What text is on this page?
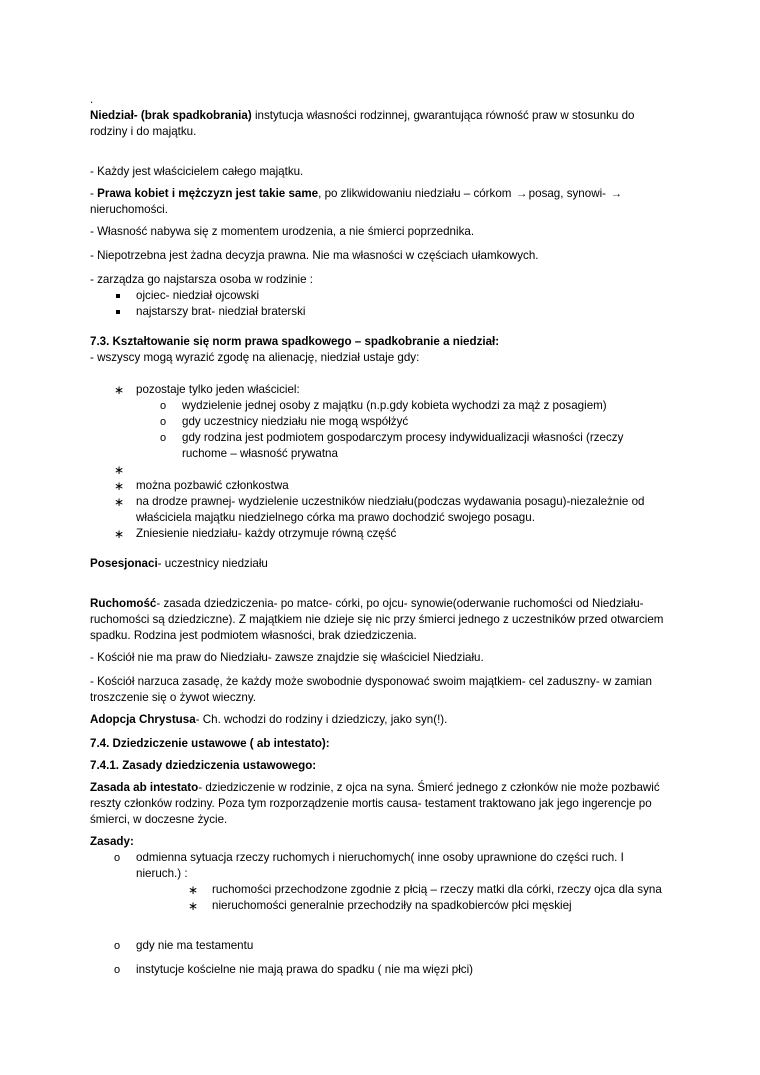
.
Niedział- (brak spadkobrania) instytucja własności rodzinnej, gwarantująca równość praw w stosunku do
rodziny i do majątku.
- Każdy jest właścicielem całego majątku.
- Prawa kobiet i mężczyzn jest takie same, po zlikwidowaniu niedziału – córkom →posag, synowi- →
nieruchomości.
- Własność nabywa się z momentem urodzenia, a nie śmierci poprzednika.
- Niepotrzebna jest żadna decyzja prawna. Nie ma własności w częściach ułamkowych.
- zarządza go najstarsza osoba w rodzinie :
ojciec- niedział ojcowski
najstarszy brat- niedział braterski
7.3. Kształtowanie się norm prawa spadkowego – spadkobranie a niedział:
- wszyscy mogą wyrazić zgodę na alienację, niedział ustaje gdy:
∗ pozostaje tylko jeden właściciel:
o wydzielenie jednej osoby z majątku (n.p.gdy kobieta wychodzi za mąż z posagiem)
o gdy uczestnicy niedziału nie mogą współżyć
o gdy rodzina jest podmiotem gospodarczym procesy indywidualizacji własności (rzeczy
ruchome – własność prywatna
∗
∗ można pozbawić członkostwa
∗ na drodze prawnej- wydzielenie uczestników niedziału(podczas wydawania posagu)-niezależnie od
właściciela majątku niedzielnego córka ma prawo dochodzić swojego posagu.
∗ Zniesienie niedziału- każdy otrzymuje równą część
Posesjonaci- uczestnicy niedziału
Ruchomość- zasada dziedziczenia- po matce- córki, po ojcu- synowie(oderwanie ruchomości od Niedziału-
ruchomości są dziedziczne). Z majątkiem nie dzieje się nic przy śmierci jednego z uczestników przed otwarciem
spadku. Rodzina jest podmiotem własności, brak dziedziczenia.
- Kościół nie ma praw do Niedziału- zawsze znajdzie się właściciel Niedziału.
- Kościół narzuca zasadę, że każdy może swobodnie dysponować swoim majątkiem- cel zaduszny- w zamian
troszczenie się o żywot wieczny.
Adopcja Chrystusa- Ch. wchodzi do rodziny i dziedziczy, jako syn(!).
7.4. Dziedziczenie ustawowe ( ab intestato):
7.4.1. Zasady dziedziczenia ustawowego:
Zasada ab intestato- dziedziczenie w rodzinie, z ojca na syna. Śmierć jednego z członków nie może pozbawić
reszty członków rodziny. Poza tym rozporządzenie mortis causa- testament traktowano jak jego ingerencje po
śmierci, w doczesne życie.
Zasady:
o odmienna sytuacja rzeczy ruchomych i nieruchomych( inne osoby uprawnione do części ruch. I
nieruch.) :
∗ ruchomości przechodzone zgodnie z płcią – rzeczy matki dla córki, rzeczy ojca dla syna
∗ nieruchomości generalnie przechodziły na spadkobierców płci męskiej
o gdy nie ma testamentu
o instytucje kościelne nie mają prawa do spadku ( nie ma więzi płci)
